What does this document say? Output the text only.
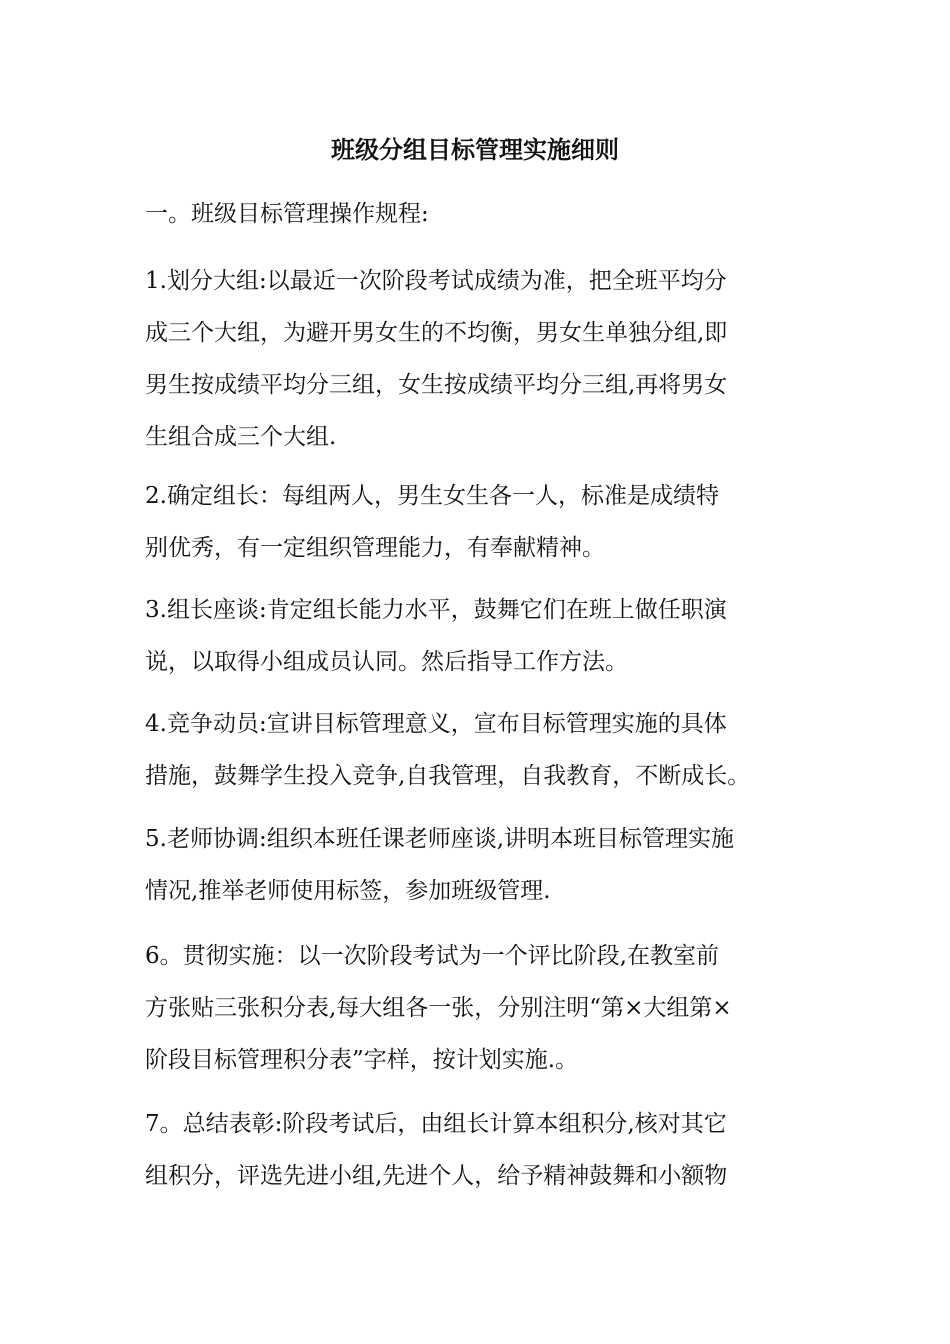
班级分组目标管理实施细则
一。班级目标管理操作规程:
1.划分大组:以最近一次阶段考试成绩为准，把全班平均分
成三个大组，为避开男女生的不均衡，男女生单独分组,即
男生按成绩平均分三组，女生按成绩平均分三组,再将男女
生组合成三个大组.
2.确定组长：每组两人，男生女生各一人，标准是成绩特
别优秀，有一定组织管理能力，有奉献精神。
3.组长座谈:肯定组长能力水平，鼓舞它们在班上做任职演
说，以取得小组成员认同。然后指导工作方法。
4.竞争动员:宣讲目标管理意义，宣布目标管理实施的具体
措施，鼓舞学生投入竞争,自我管理，自我教育，不断成长。
5.老师协调:组织本班任课老师座谈,讲明本班目标管理实施
情况,推举老师使用标签，参加班级管理.
6。贯彻实施：以一次阶段考试为一个评比阶段,在教室前
方张贴三张积分表,每大组各一张，分别注明“第×大组第×
阶段目标管理积分表”字样，按计划实施.。
7。总结表彰:阶段考试后，由组长计算本组积分,核对其它
组积分，评选先进小组,先进个人，给予精神鼓舞和小额物
